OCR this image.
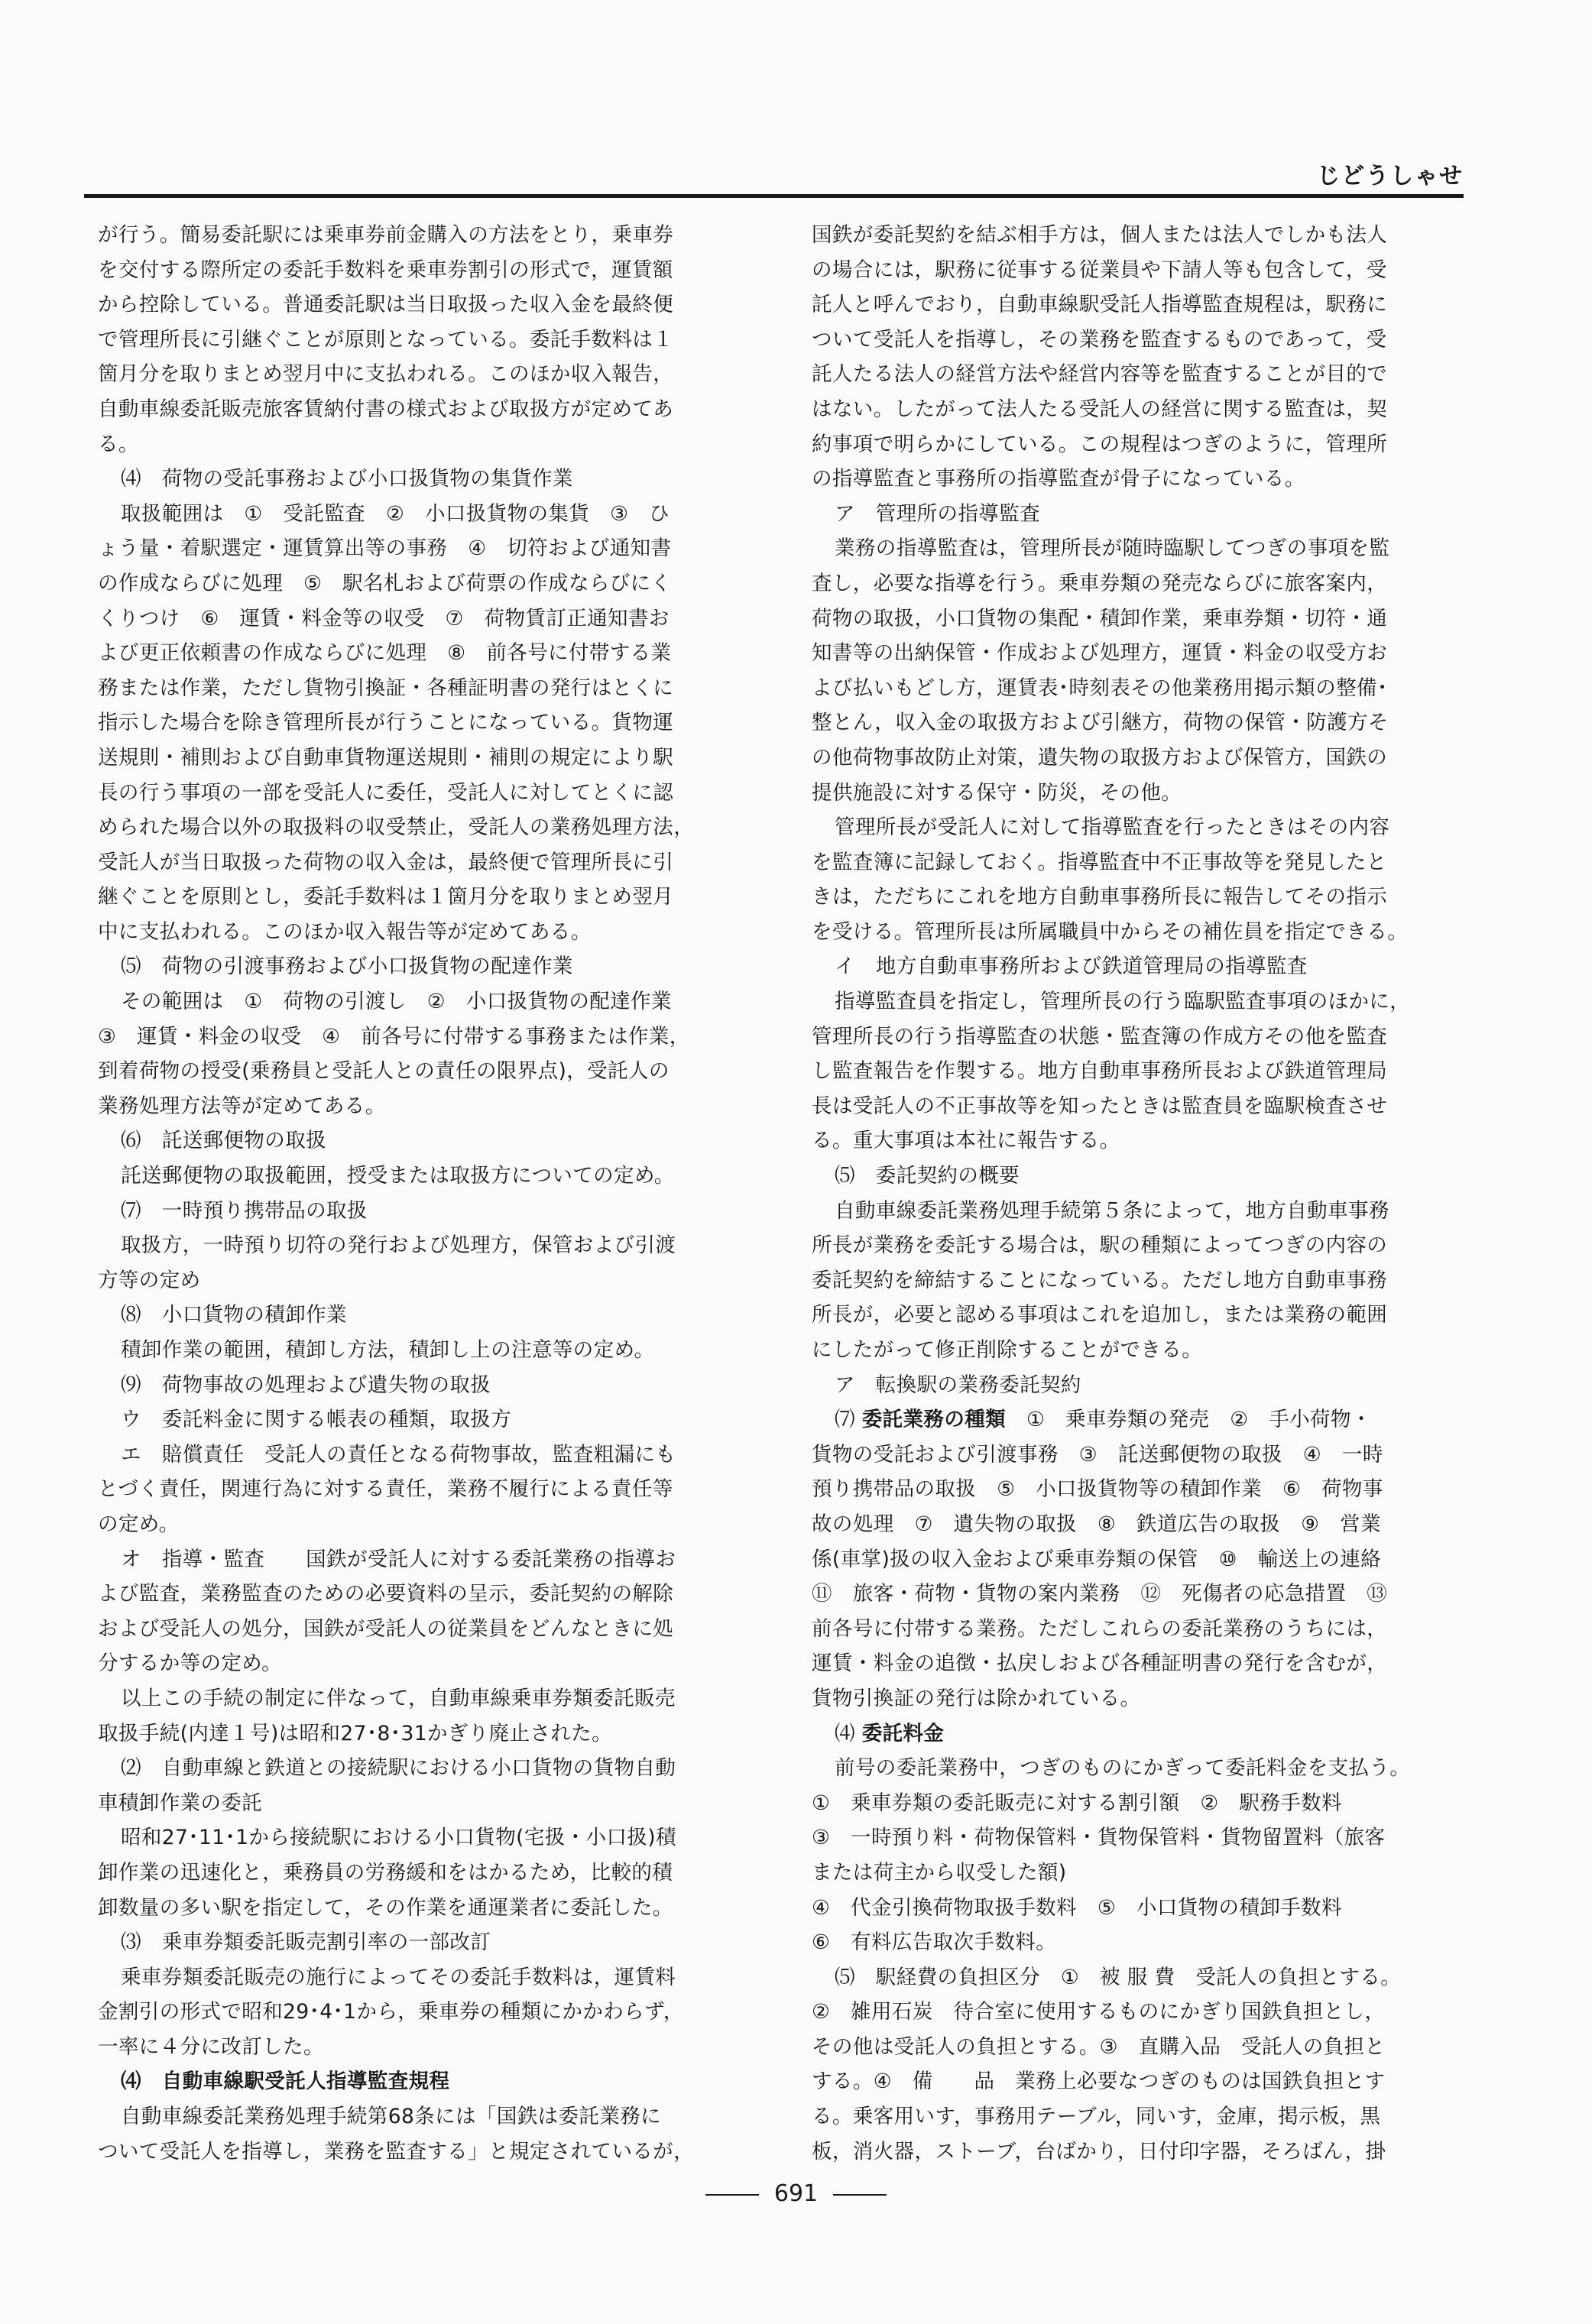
じどうしゃせ
が行う。簡易委託駅には乗車券前金購入の方法をとり，乗車券
を交付する際所定の委託手数料を乗車券割引の形式で，運賃額
から控除している。普通委託駅は当日取扱った収入金を最終便
で管理所長に引継ぐことが原則となっている。委託手数料は１
箇月分を取りまとめ翌月中に支払われる。このほか収入報告，
自動車線委託販売旅客賃納付書の様式および取扱方が定めてあ
る。
⑷　荷物の受託事務および小口扱貨物の集貨作業
取扱範囲は　①　受託監査　②　小口扱貨物の集貨　③　ひ
ょう量・着駅選定・運賃算出等の事務　④　切符および通知書
の作成ならびに処理　⑤　駅名札および荷票の作成ならびにく
くりつけ　⑥　運賃・料金等の収受　⑦　荷物賃訂正通知書お
よび更正依頼書の作成ならびに処理　⑧　前各号に付帯する業
務または作業，ただし貨物引換証・各種証明書の発行はとくに
指示した場合を除き管理所長が行うことになっている。貨物運
送規則・補則および自動車貨物運送規則・補則の規定により駅
長の行う事項の一部を受託人に委任，受託人に対してとくに認
められた場合以外の取扱料の収受禁止，受託人の業務処理方法，
受託人が当日取扱った荷物の収入金は，最終便で管理所長に引
継ぐことを原則とし，委託手数料は１箇月分を取りまとめ翌月
中に支払われる。このほか収入報告等が定めてある。
⑸　荷物の引渡事務および小口扱貨物の配達作業
その範囲は　①　荷物の引渡し　②　小口扱貨物の配達作業
③　運賃・料金の収受　④　前各号に付帯する事務または作業，
到着荷物の授受(乗務員と受託人との責任の限界点)，受託人の
業務処理方法等が定めてある。
⑹　託送郵便物の取扱
託送郵便物の取扱範囲，授受または取扱方についての定め。
⑺　一時預り携帯品の取扱
取扱方，一時預り切符の発行および処理方，保管および引渡
方等の定め
⑻　小口貨物の積卸作業
積卸作業の範囲，積卸し方法，積卸し上の注意等の定め。
⑼　荷物事故の処理および遺失物の取扱
ウ　委託料金に関する帳表の種類，取扱方
エ　賠償責任　受託人の責任となる荷物事故，監査粗漏にも
とづく責任，関連行為に対する責任，業務不履行による責任等
の定め。
オ　指導・監査　　国鉄が受託人に対する委託業務の指導お
よび監査，業務監査のための必要資料の呈示，委託契約の解除
および受託人の処分，国鉄が受託人の従業員をどんなときに処
分するか等の定め。
以上この手続の制定に伴なって，自動車線乗車券類委託販売
取扱手続(内達１号)は昭和27･8･31かぎり廃止された。
⑵　自動車線と鉄道との接続駅における小口貨物の貨物自動
車積卸作業の委託
昭和27･11･1から接続駅における小口貨物(宅扱・小口扱)積
卸作業の迅速化と，乗務員の労務緩和をはかるため，比較的積
卸数量の多い駅を指定して，その作業を通運業者に委託した。
⑶　乗車券類委託販売割引率の一部改訂
乗車券類委託販売の施行によってその委託手数料は，運賃料
金割引の形式で昭和29･4･1から，乗車券の種類にかかわらず，
一率に４分に改訂した。
⑷　自動車線駅受託人指導監査規程
自動車線委託業務処理手続第68条には「国鉄は委託業務に
ついて受託人を指導し，業務を監査する」と規定されているが，
国鉄が委託契約を結ぶ相手方は，個人または法人でしかも法人
の場合には，駅務に従事する従業員や下請人等も包含して，受
託人と呼んでおり，自動車線駅受託人指導監査規程は，駅務に
ついて受託人を指導し，その業務を監査するものであって，受
託人たる法人の経営方法や経営内容等を監査することが目的で
はない。したがって法人たる受託人の経営に関する監査は，契
約事項で明らかにしている。この規程はつぎのように，管理所
の指導監査と事務所の指導監査が骨子になっている。
ア　管理所の指導監査
業務の指導監査は，管理所長が随時臨駅してつぎの事項を監
査し，必要な指導を行う。乗車券類の発売ならびに旅客案内，
荷物の取扱，小口貨物の集配・積卸作業，乗車券類・切符・通
知書等の出納保管・作成および処理方，運賃・料金の収受方お
よび払いもどし方，運賃表･時刻表その他業務用掲示類の整備･
整とん，収入金の取扱方および引継方，荷物の保管・防護方そ
の他荷物事故防止対策，遺失物の取扱方および保管方，国鉄の
提供施設に対する保守・防災，その他。
管理所長が受託人に対して指導監査を行ったときはその内容
を監査簿に記録しておく。指導監査中不正事故等を発見したと
きは，ただちにこれを地方自動車事務所長に報告してその指示
を受ける。管理所長は所属職員中からその補佐員を指定できる。
イ　地方自動車事務所および鉄道管理局の指導監査
指導監査員を指定し，管理所長の行う臨駅監査事項のほかに，
管理所長の行う指導監査の状態・監査簿の作成方その他を監査
し監査報告を作製する。地方自動車事務所長および鉄道管理局
長は受託人の不正事故等を知ったときは監査員を臨駅検査させ
る。重大事項は本社に報告する。
⑸　委託契約の概要
自動車線委託業務処理手続第５条によって，地方自動車事務
所長が業務を委託する場合は，駅の種類によってつぎの内容の
委託契約を締結することになっている。ただし地方自動車事務
所長が，必要と認める事項はこれを追加し，または業務の範囲
にしたがって修正削除することができる。
ア　転換駅の業務委託契約
⑺ 委託業務の種類　①　乗車券類の発売　②　手小荷物・
貨物の受託および引渡事務　③　託送郵便物の取扱　④　一時
預り携帯品の取扱　⑤　小口扱貨物等の積卸作業　⑥　荷物事
故の処理　⑦　遺失物の取扱　⑧　鉄道広告の取扱　⑨　営業
係(車掌)扱の収入金および乗車券類の保管　⑩　輸送上の連絡
⑪　旅客・荷物・貨物の案内業務　⑫　死傷者の応急措置　⑬
前各号に付帯する業務。ただしこれらの委託業務のうちには，
運賃・料金の追徴・払戻しおよび各種証明書の発行を含むが，
貨物引換証の発行は除かれている。
⑷ 委託料金
前号の委託業務中，つぎのものにかぎって委託料金を支払う。
①　乗車券類の委託販売に対する割引額　②　駅務手数料
③　一時預り料・荷物保管料・貨物保管料・貨物留置料（旅客
または荷主から収受した額)
④　代金引換荷物取扱手数料　⑤　小口貨物の積卸手数料
⑥　有料広告取次手数料。
⑸　駅経費の負担区分　①　被 服 費　受託人の負担とする。
②　雑用石炭　待合室に使用するものにかぎり国鉄負担とし，
その他は受託人の負担とする。③　直購入品　受託人の負担と
する。④　備　　品　業務上必要なつぎのものは国鉄負担とす
る。乗客用いす，事務用テーブル，同いす，金庫，掲示板，黒
板，消火器，ストーブ，台ばかり，日付印字器，そろばん，掛
691
